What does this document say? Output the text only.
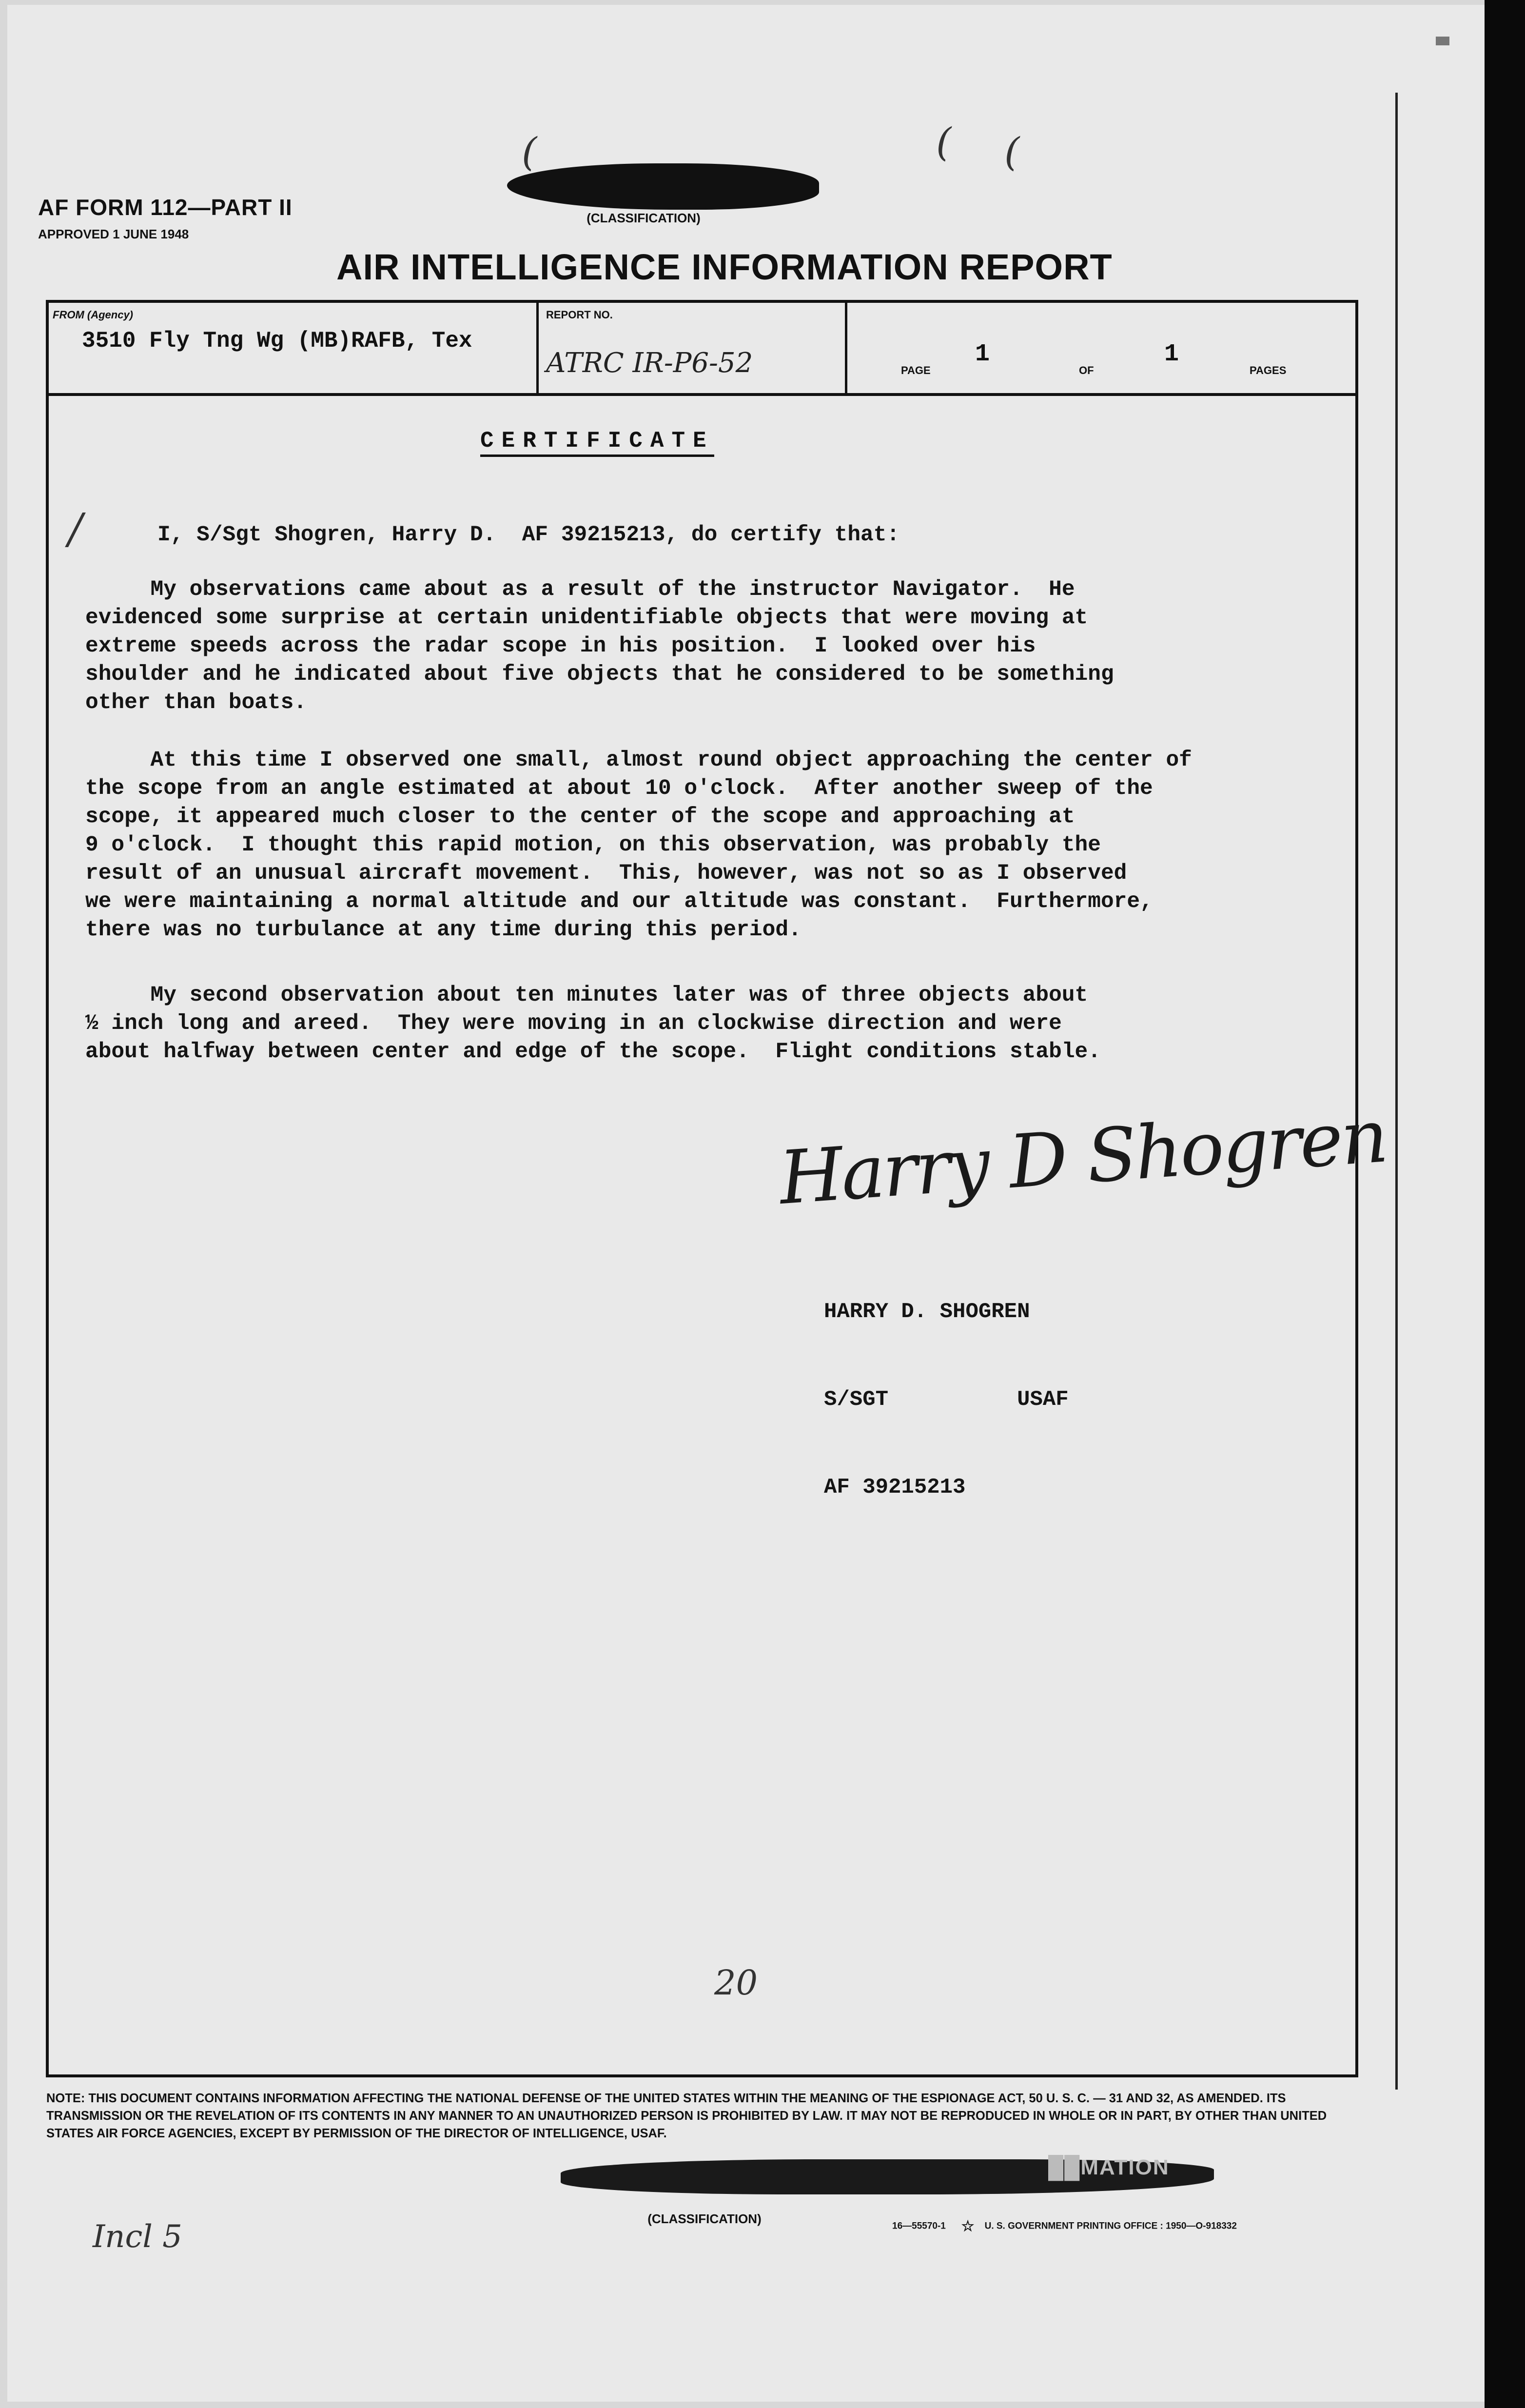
AF FORM 112—PART II
APPROVED 1 JUNE 1948
(CLASSIFICATION)
(	( (
AIR INTELLIGENCE INFORMATION REPORT
FROM (Agency)
3510 Fly Tng Wg (MB)RAFB, Tex
REPORT NO.
ATRC IR-P6-52	PAGE
1
OF
1
PAGES
CERTIFICATE
/	I, S/Sgt Shogren, Harry D.  AF 39215213, do certify that:
My observations came about as a result of the instructor Navigator.  He
evidenced some surprise at certain unidentifiable objects that were moving at
extreme speeds across the radar scope in his position.  I looked over his
shoulder and he indicated about five objects that he considered to be something
other than boats.
At this time I observed one small, almost round object approaching the center of
the scope from an angle estimated at about 10 o'clock.  After another sweep of the
scope, it appeared much closer to the center of the scope and approaching at
9 o'clock.  I thought this rapid motion, on this observation, was probably the
result of an unusual aircraft movement.  This, however, was not so as I observed
we were maintaining a normal altitude and our altitude was constant.  Furthermore,
there was no turbulance at any time during this period.
My second observation about ten minutes later was of three objects about
½ inch long and areed.  They were moving in an clockwise direction and were
about halfway between center and edge of the scope.  Flight conditions stable.
Harry D Shogren

HARRY D. SHOGREN

S/SGT          USAF

AF 39215213

20

NOTE: THIS DOCUMENT CONTAINS INFORMATION AFFECTING THE NATIONAL DEFENSE OF THE UNITED STATES WITHIN THE MEANING OF THE ESPIONAGE ACT, 50 U. S. C. — 31 AND 32, AS AMENDED. ITS TRANSMISSION OR THE REVELATION OF ITS CONTENTS IN ANY MANNER TO AN UNAUTHORIZED PERSON IS PROHIBITED BY LAW. IT MAY NOT BE REPRODUCED IN WHOLE OR IN PART, BY OTHER THAN UNITED STATES AIR FORCE AGENCIES, EXCEPT BY PERMISSION OF THE DIRECTOR OF INTELLIGENCE, USAF.

██MATION
(CLASSIFICATION)
16—55570-1 ☆ U. S. GOVERNMENT PRINTING OFFICE : 1950—O-918332
Incl 5
